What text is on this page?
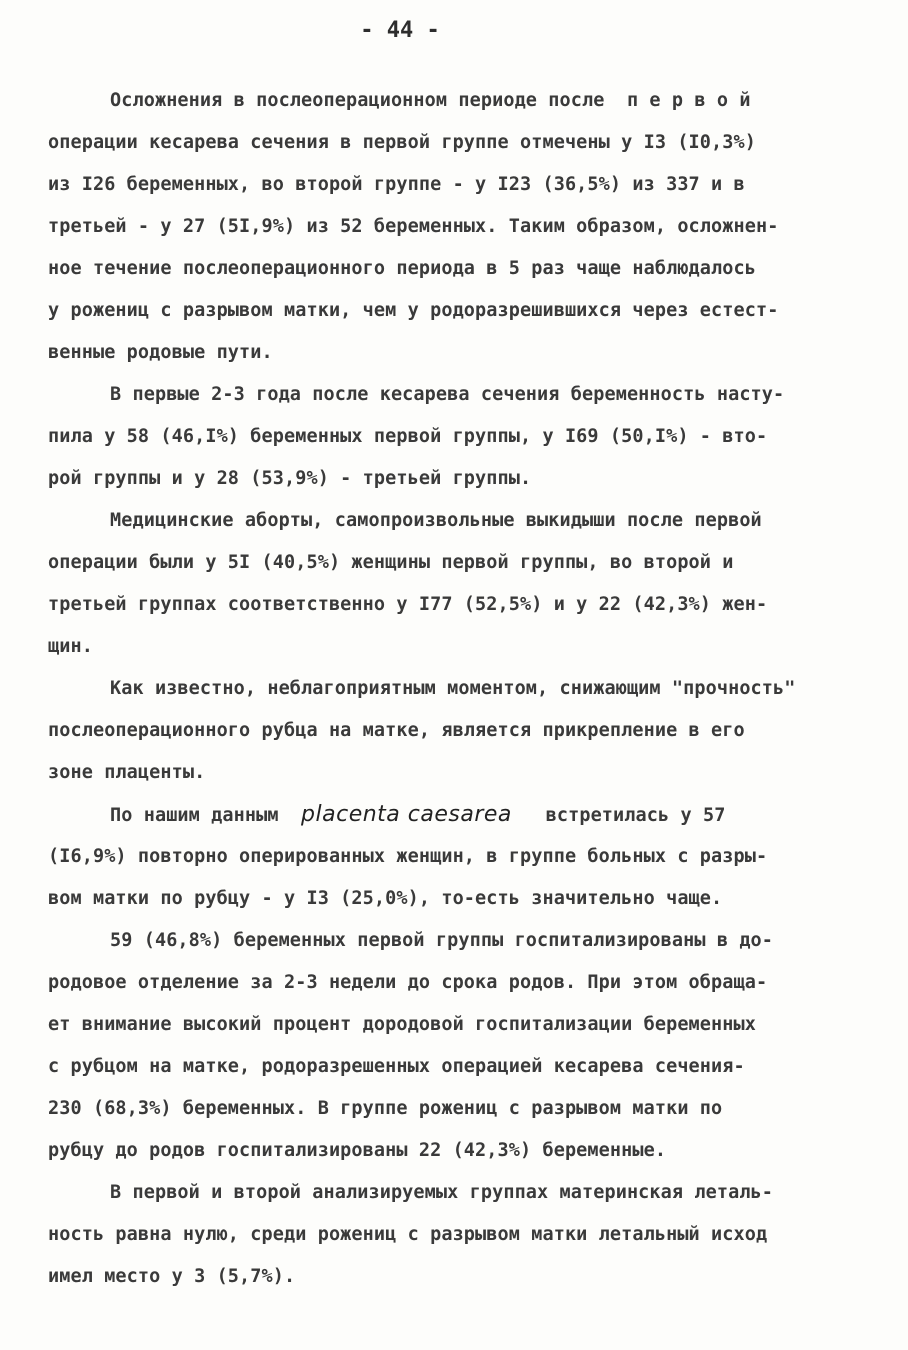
- 44 -
Осложнения в послеоперационном периоде после  п е р в о й
операции кесарева сечения в первой группе отмечены у I3 (I0,3%)
из I26 беременных, во второй группе - у I23 (36,5%) из 337 и в
третьей - у 27 (5I,9%) из 52 беременных. Таким образом, осложнен-
ное течение послеоперационного периода в 5 раз чаще наблюдалось
у рожениц с разрывом матки, чем у родоразрешившихся через естест-
венные родовые пути.
В первые 2-3 года после кесарева сечения беременность насту-
пила у 58 (46,I%) беременных первой группы, у I69 (50,I%) - вто-
рой группы и у 28 (53,9%) - третьей группы.
Медицинские аборты, самопроизвольные выкидыши после первой
операции были у 5I (40,5%) женщины первой группы, во второй и
третьей группах соответственно у I77 (52,5%) и у 22 (42,3%) жен-
щин.
Как известно, неблагоприятным моментом, снижающим "прочность"
послеоперационного рубца на матке, является прикрепление в его
зоне плаценты.
По нашим данным  placenta caesarea   встретилась у 57
(I6,9%) повторно оперированных женщин, в группе больных с разры-
вом матки по рубцу - у I3 (25,0%), то-есть значительно чаще.
59 (46,8%) беременных первой группы госпитализированы в до-
родовое отделение за 2-3 недели до срока родов. При этом обраща-
ет внимание высокий процент дородовой госпитализации беременных
с рубцом на матке, родоразрешенных операцией кесарева сечения-
230 (68,3%) беременных. В группе рожениц с разрывом матки по
рубцу до родов госпитализированы 22 (42,3%) беременные.
В первой и второй анализируемых группах материнская леталь-
ность равна нулю, среди рожениц с разрывом матки летальный исход
имел место у 3 (5,7%).
